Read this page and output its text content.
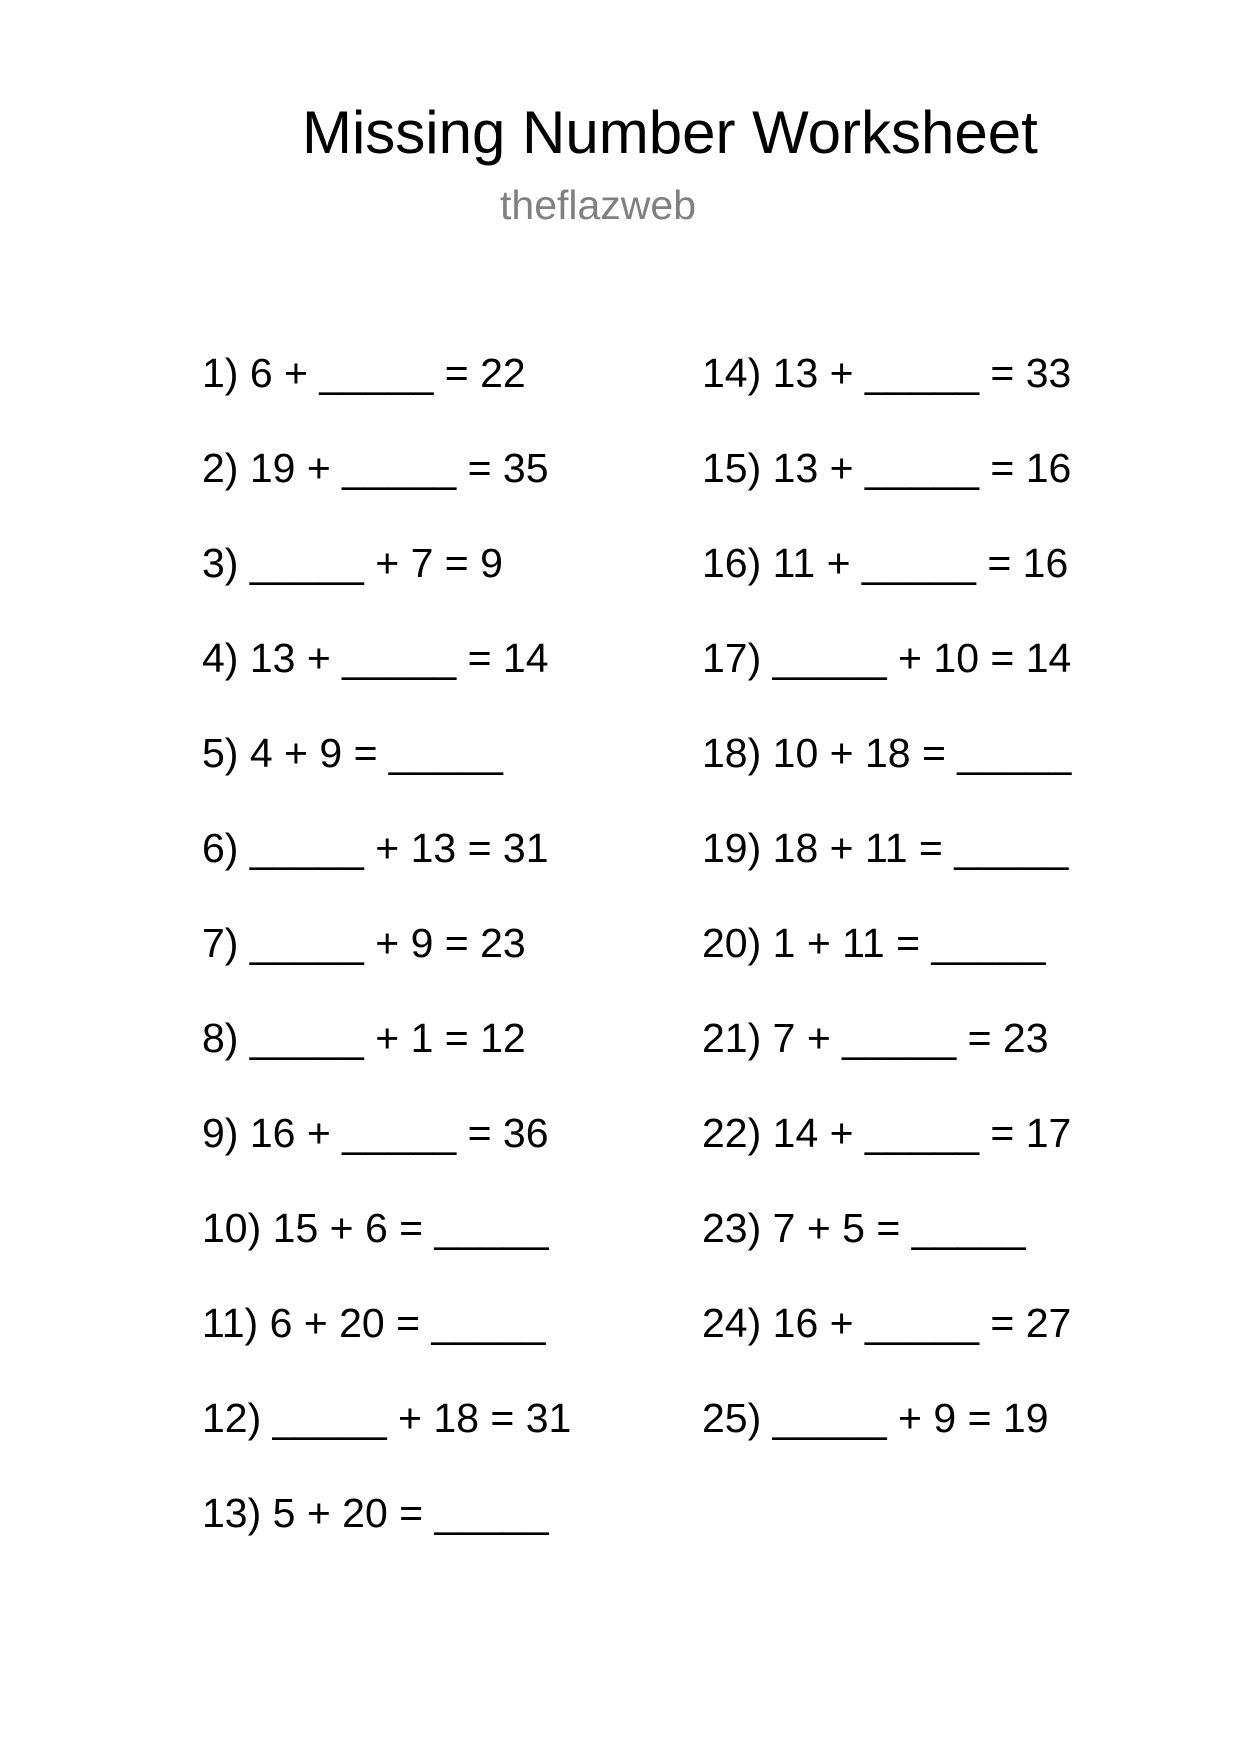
Missing Number Worksheet
theflazweb
1) 6 + _____ = 22
2) 19 + _____ = 35
3) _____ + 7 = 9
4) 13 + _____ = 14
5) 4 + 9 = _____
6) _____ + 13 = 31
7) _____ + 9 = 23
8) _____ + 1 = 12
9) 16 + _____ = 36
10) 15 + 6 = _____
11) 6 + 20 = _____
12) _____ + 18 = 31
13) 5 + 20 = _____
14) 13 + _____ = 33
15) 13 + _____ = 16
16) 11 + _____ = 16
17) _____ + 10 = 14
18) 10 + 18 = _____
19) 18 + 11 = _____
20) 1 + 11 = _____
21) 7 + _____ = 23
22) 14 + _____ = 17
23) 7 + 5 = _____
24) 16 + _____ = 27
25) _____ + 9 = 19
